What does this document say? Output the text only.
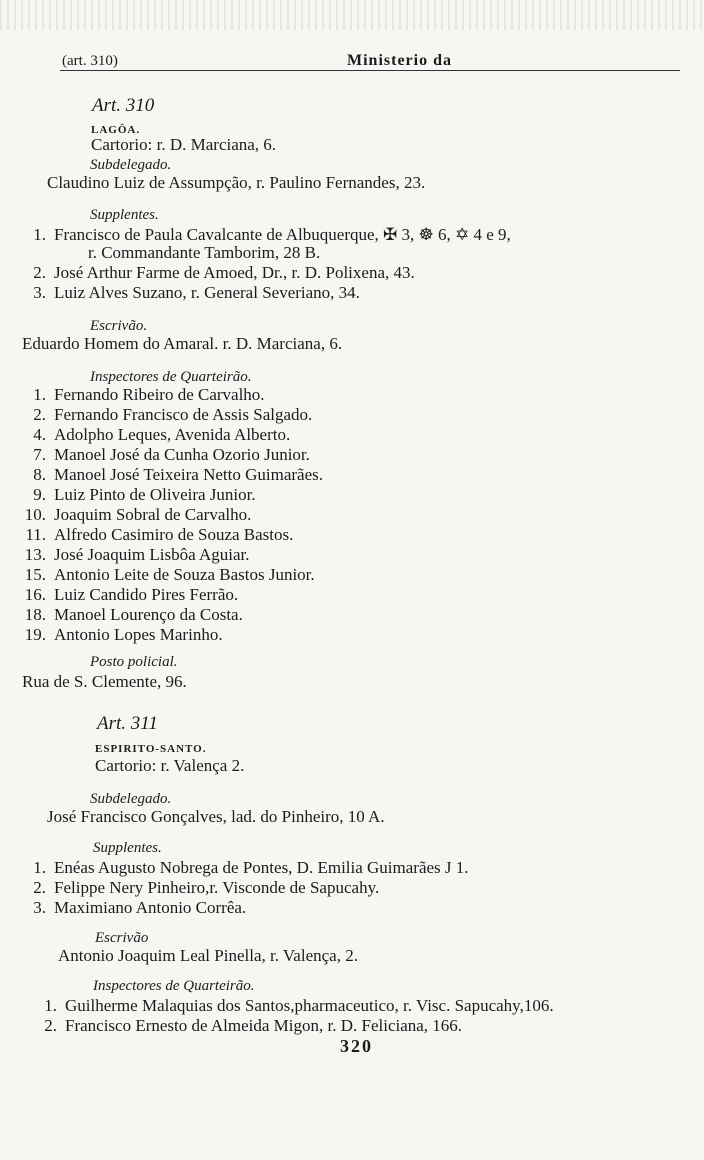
(art. 310)	Ministerio da
Art. 310
LAGÔA.
Cartorio: r. D. Marciana, 6.
Subdelegado.
Claudino Luiz de Assumpção, r. Paulino Fernandes, 23.
Supplentes.
1. Francisco de Paula Cavalcante de Albuquerque, ✠ 3, ☸ 6, ✡ 4 e 9,
r. Commandante Tamborim, 28 B.
2. José Arthur Farme de Amoed, Dr., r. D. Polixena, 43.
3. Luiz Alves Suzano, r. General Severiano, 34.
Escrivão.
Eduardo Homem do Amaral. r. D. Marciana, 6.
Inspectores de Quarteirão.
1. Fernando Ribeiro de Carvalho.
2. Fernando Francisco de Assis Salgado.
4. Adolpho Leques, Avenida Alberto.
7. Manoel José da Cunha Ozorio Junior.
8. Manoel José Teixeira Netto Guimarães.
9. Luiz Pinto de Oliveira Junior.
10. Joaquim Sobral de Carvalho.
11. Alfredo Casimiro de Souza Bastos.
13. José Joaquim Lisbôa Aguiar.
15. Antonio Leite de Souza Bastos Junior.
16. Luiz Candido Pires Ferrão.
18. Manoel Lourenço da Costa.
19. Antonio Lopes Marinho.
Posto policial.
Rua de S. Clemente, 96.
Art. 311
ESPIRITO-SANTO.
Cartorio: r. Valença 2.
Subdelegado.
José Francisco Gonçalves, lad. do Pinheiro, 10 A.
Supplentes.
1. Enéas Augusto Nobrega de Pontes, D. Emilia Guimarães J 1.
2. Felippe Nery Pinheiro,r. Visconde de Sapucahy.
3. Maximiano Antonio Corrêa.
Escrivão
Antonio Joaquim Leal Pinella, r. Valença, 2.
Inspectores de Quarteirão.
1. Guilherme Malaquias dos Santos,pharmaceutico, r. Visc. Sapucahy,106.
2. Francisco Ernesto de Almeida Migon, r. D. Feliciana, 166.
320
